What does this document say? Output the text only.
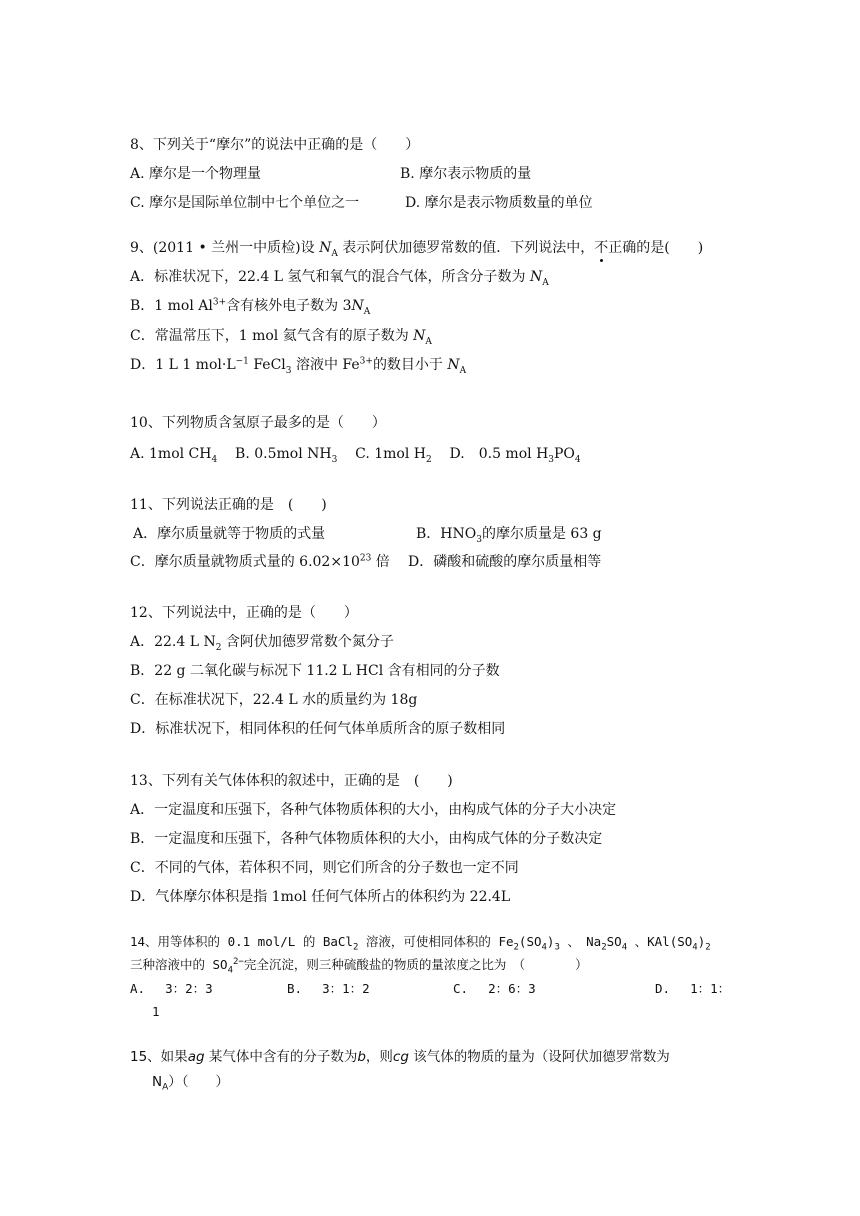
8、下列关于“摩尔”的说法中正确的是（　　）
A. 摩尔是一个物理量	B. 摩尔表示物质的量
C. 摩尔是国际单位制中七个单位之一	D. 摩尔是表示物质数量的单位
9、(2011 • 兰州一中质检)设 $N_A$ 表示阿伏加德罗常数的值．下列说法中，不正确的是(　　)
A．标准状况下，22.4 L 氢气和氧气的混合气体，所含分子数为 $N_A$
B．1 mol $Al^{3+}$含有核外电子数为 $3N_A$
C．常温常压下，1 mol 氦气含有的原子数为 $N_A$
D．1 L 1 $mol\cdot L^{-1}$ FeCl$_3$ 溶液中 $Fe^{3+}$的数目小于 $N_A$
10、下列物质含氢原子最多的是（　　）
A. 1mol $CH_4$ B. 0.5mol $NH_3$ C. 1mol $H_2$ D.　0.5 mol $H_3PO_4$
11、下列说法正确的是　(　　)
A．摩尔质量就等于物质的式量	B．$HNO_3$的摩尔质量是 63 g
C．摩尔质量就物质式量的 $6.02\times 10^{23}$ 倍 D．磷酸和硫酸的摩尔质量相等
12、下列说法中，正确的是（　　）
A．22.4 L $N_2$ 含阿伏加德罗常数个氮分子
B．22 g 二氧化碳与标况下 11.2 L HCl 含有相同的分子数
C．在标准状况下，22.4 L 水的质量约为 18g
D．标准状况下，相同体积的任何气体单质所含的原子数相同
13、下列有关气体体积的叙述中，正确的是　(　　)
A．一定温度和压强下，各种气体物质体积的大小，由构成气体的分子大小决定
B．一定温度和压强下，各种气体物质体积的大小，由构成气体的分子数决定
C．不同的气体，若体积不同，则它们所含的分子数也一定不同
D．气体摩尔体积是指 1mol 任何气体所占的体积约为 22.4L
14、用等体积的 0.1 mol/L 的 BaCl$_2$ 溶液，可使相同体积的 $Fe_2(SO_4)_3$ 、　$Na_2SO_4$ 、$KAl(SO_4)_2$
三种溶液中的 $SO_4^{2-}$完全沉淀，则三种硫酸盐的物质的量浓度之比为　（　　　　）
A.　 3：2：3	B.　 3：1：2	C.　 2：6：3	D.　 1：1：
1
15、如果ag 某气体中含有的分子数为b，则cg 该气体的物质的量为（设阿伏加德罗常数为
$N_A$）（　　）
